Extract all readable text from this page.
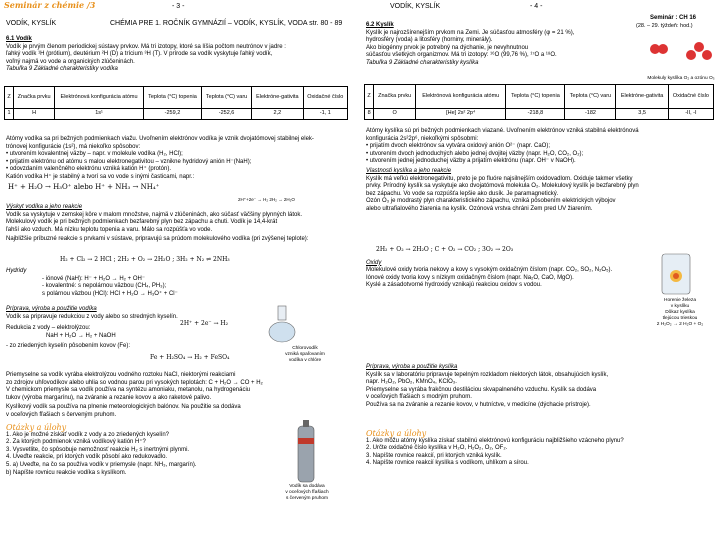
Seminár z chémie /3	- 3 -
VODÍK, KYSLÍK	CHÉMIA PRE 1. ROČNÍK GYMNÁZIÍ – VODÍK, KYSLÍK, VODA str. 80 - 89
6.1 Vodík
Vodík je prvým členom periodickej sústavy prvkov. Má tri izotopy, ktoré sa líšia počtom neutrónov v jadre :
ľahký vodík ¹H (prótium), deutérium ²H (D) a trícium ³H (T). V prírode sa vodík vyskytuje ľahký vodík,
voľný najmä vo vode a organických zlúčeninách.
Tabuľka 9 Základné charakteristiky vodíka
Z	Značka prvku	Elektrónová konfigurácia atómu	Teplota (°C) topenia	Teplota (°C) varu	Elektróne-gativita	Oxidačné číslo
1	H	1s¹	-259,2	-252,6	2,2	-1, 1
Atómy vodíka sa pri bežných podmienkach viažu. Uvoľnením elektrónov vodíka je vznik dvojatómovej stabilnej elek-
trónovej konfigurácie (1s²), má niekoľko spôsobov:
• utvorením kovalentnej väzby – napr. v molekule vodíka (H₂, HCl);
• prijatím elektrónu od atómu s malou elektronegativitou – vznikne hydridový anión H⁻(NaH);
• odovzdaním valenčného elektrónu vzniká katión H⁺ (protón).
Katión vodíka H⁺ je stabilný a tvorí sa vo vode s inými časticami, napr.:
H⁺ + H₂O → H₃O⁺ alebo H⁺ + NH₃ → NH₄⁺
2H⁺+2e⁻ → H₂ 2H₂ → 2H₂O
Výskyt vodíka a jeho reakcie
Vodík sa vyskytuje v zemskej kôre v malom množstve, najmä v zlúčeninách, ako súčasť väčšiny plynných látok.
Molekulový vodík je pri bežných podmienkach bezfarebný plyn bez zápachu a chuti. Vodík je 14,4-krát
ľahší ako vzduch. Má nízku teplotu topenia a varu. Málo sa rozpúšťa vo vode.
Najbližšie príbuzné reakcie s prvkami v sústave, pripravujú sa prúdom molekulového vodíka (pri zvýšenej teplote):
H₂ + Cl₂ → 2 HCl ; 2H₂ + O₂ → 2H₂O ; 3H₂ + N₂ ⇌ 2NH₃
Hydridy
- iónové (NaH): H⁻ + H₂O → H₂ + OH⁻
- kovalentné: s nepolárnou väzbou (CH₄, PH₃);
s polárnou väzbou (HCl): HCl + H₂O → H₃O⁺ + Cl⁻
Príprava, výroba a použitie vodíka
Vodík sa pripravuje redukciou z vody alebo so stredných kyselín.
Redukcia z vody – elektrolýzou:
NaH + H₂O → H₂ + NaOH
- zo zriedených kyselín pôsobením kovov (Fe):
2H⁺ + 2e⁻ → H₂
Fe + H₂SO₄ → H₂ + FeSO₄
Chlorovodík
vzniká spaľovaním
vodíka v chlóre
Priemyselne sa vodík vyrába elektrolýzou vodného roztoku NaCl, niektorými reakciami
zo zdrojov uhľovodíkov alebo uhlia so vodnou parou pri vysokých teplotách: C + H₂O → CO + H₂
V chemickom priemysle sa vodík používa na syntézu amoniaku, metanolu, na hydrogenáciu
tukov (výroba margarínu), na zváranie a rezanie kovov a ako raketové palivo.
Kyslíkový vodík sa používa na plnenie meteorologických balónov. Na použitie sa dodáva
v oceľových fľašiach s červeným pruhom.
Vodík sa dodáva
v oceľových fľašiach
s červeným pruhom
Otázky a úlohy
1. Ako je možné získať vodík z vody a zo zriedených kyselín?
2. Za ktorých podmienok vzniká vodíkový katión H⁺?
3. Vysvetlite, čo spôsobuje nemožnosť reakcie H₂ s inertnými plynmi.
4. Uveďte reakcie, pri ktorých vodík pôsobí ako redukovadlo.
5. a) Uveďte, na čo sa používa vodík v priemysle (napr. NH₃, margarín).
b) Napíšte rovnicu reakcie vodíka s kyslíkom.
VODÍK, KYSLÍK	- 4 -
Seminár : CH 16
(28. – 29. týždeň: hod.)
6.2 Kyslík
Kyslík je najrozšírenejším prvkom na Zemi. Je súčasťou atmosféry (φ = 21 %),
hydrosféry (voda) a litosféry (horniny, minerály).
Ako biogénny prvok je potrebný na dýchanie, je nevyhnutnou
súčasťou všetkých organizmov. Má tri izotopy: ¹⁶O (99,76 %), ¹⁷O a ¹⁸O.
Tabuľka 9 Základné charakteristiky kyslíka
Molekuly kyslíka O₂ a ozónu O₃
Z	Značka prvku	Elektrónová konfigurácia atómu	Teplota (°C) topenia	Teplota (°C) varu	Elektróne-gativita	Oxidačné číslo
8	O	[He] 2s² 2p⁴	-218,8	-182	3,5	-II, -I
Atómy kyslíka sú pri bežných podmienkach viazané. Uvoľnením elektrónov vzniká stabilná elektrónová
konfigurácia 2s²2p⁶, niekoľkými spôsobmi:
• prijatím dvoch elektrónov sa vytvára oxidový anión O²⁻ (napr. CaO);
• utvorením dvoch jednoduchých alebo jednej dvojitej väzby (napr. H₂O, CO₂, O₂);
• utvorením jednej jednoduchej väzby a prijatím elektrónu (napr. OH⁻ v NaOH).
Vlastnosti kyslíka a jeho reakcie
Kyslík má veľkú elektronegativitu, preto je po fluóre najsilnejším oxidovadlom. Oxiduje takmer všetky
prvky. Prírodný kyslík sa vyskytuje ako dvojatómová molekula O₂. Molekulový kyslík je bezfarebný plyn
bez zápachu. Vo vode sa rozpúšťa lepšie ako dusík. Je paramagnetický.
Ozón O₃ je modrastý plyn charakteristického zápachu, vzniká pôsobením elektrických výbojov
alebo ultrafialového žiarenia na kyslík. Ozónová vrstva chráni Zem pred UV žiarením.
2H₂ + O₂ → 2H₂O ; C + O₂ → CO₂ ; 3O₂ → 2O₃
Oxidy
Molekulové oxidy tvoria nekovy a kovy s vysokým oxidačným číslom (napr. CO₂, SO₂, N₂O₅).
Iónové oxidy tvoria kovy s nízkym oxidačným číslom (napr. Na₂O, CaO, MgO).
Kyslé a zásadotvorné hydroxidy vznikajú reakciou oxidov s vodou.
Horenie železa
v kyslíku
Dôkaz kyslíka
tlejúcou trieskou
2 H₂O₂ → 2 H₂O + O₂
Príprava, výroba a použitie kyslíka
Kyslík sa v laboratóriu pripravuje tepelným rozkladom niektorých látok, obsahujúcich kyslík,
napr. H₂O₂, PbO₂, KMnO₄, KClO₃.
Priemyselne sa vyrába frakčnou destiláciou skvapalneného vzduchu. Kyslík sa dodáva
v oceľových fľašiach s modrým pruhom.
Používa sa na zváranie a rezanie kovov, v hutníctve, v medicíne (dýchacie prístroje).
Otázky a úlohy
1. Ako môžu atómy kyslíka získať stabilnú elektrónovú konfiguráciu najbližšieho vzácneho plynu?
2. Určte oxidačné číslo kyslíka v H₂O, H₂O₂, O₂, OF₂.
3. Napíšte rovnice reakcií, pri ktorých vzniká kyslík.
4. Napíšte rovnice reakcií kyslíka s vodíkom, uhlíkom a sírou.
